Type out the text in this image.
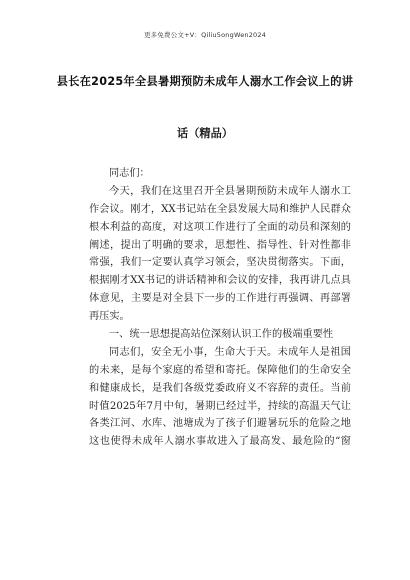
更多免费公文+V：Qiliu5ongWen2024
县长在2025年全县暑期预防未成年人溺水工作会议上的讲
话（精品）
同志们：
今天，我们在这里召开全县暑期预防未成年人溺水工
作会议。刚才，XX书记站在全县发展大局和维护人民群众
根本利益的高度，对这项工作进行了全面的动员和深刻的
阐述，提出了明确的要求，思想性、指导性、针对性都非
常强，我们一定要认真学习领会，坚决贯彻落实。下面，
根据刚才XX书记的讲话精神和会议的安排，我再讲几点具
体意见，主要是对全县下一步的工作进行再强调、再部署
再压实。
一、统一思想提高站位深刻认识工作的极端重要性
同志们，安全无小事，生命大于天。未成年人是祖国
的未来，是每个家庭的希望和寄托。保障他们的生命安全
和健康成长，是我们各级党委政府义不容辞的责任。当前
时值2025年7月中旬，暑期已经过半，持续的高温天气让
各类江河、水库、池塘成为了孩子们避暑玩乐的危险之地
这也使得未成年人溺水事故进入了最高发、最危险的“窗
